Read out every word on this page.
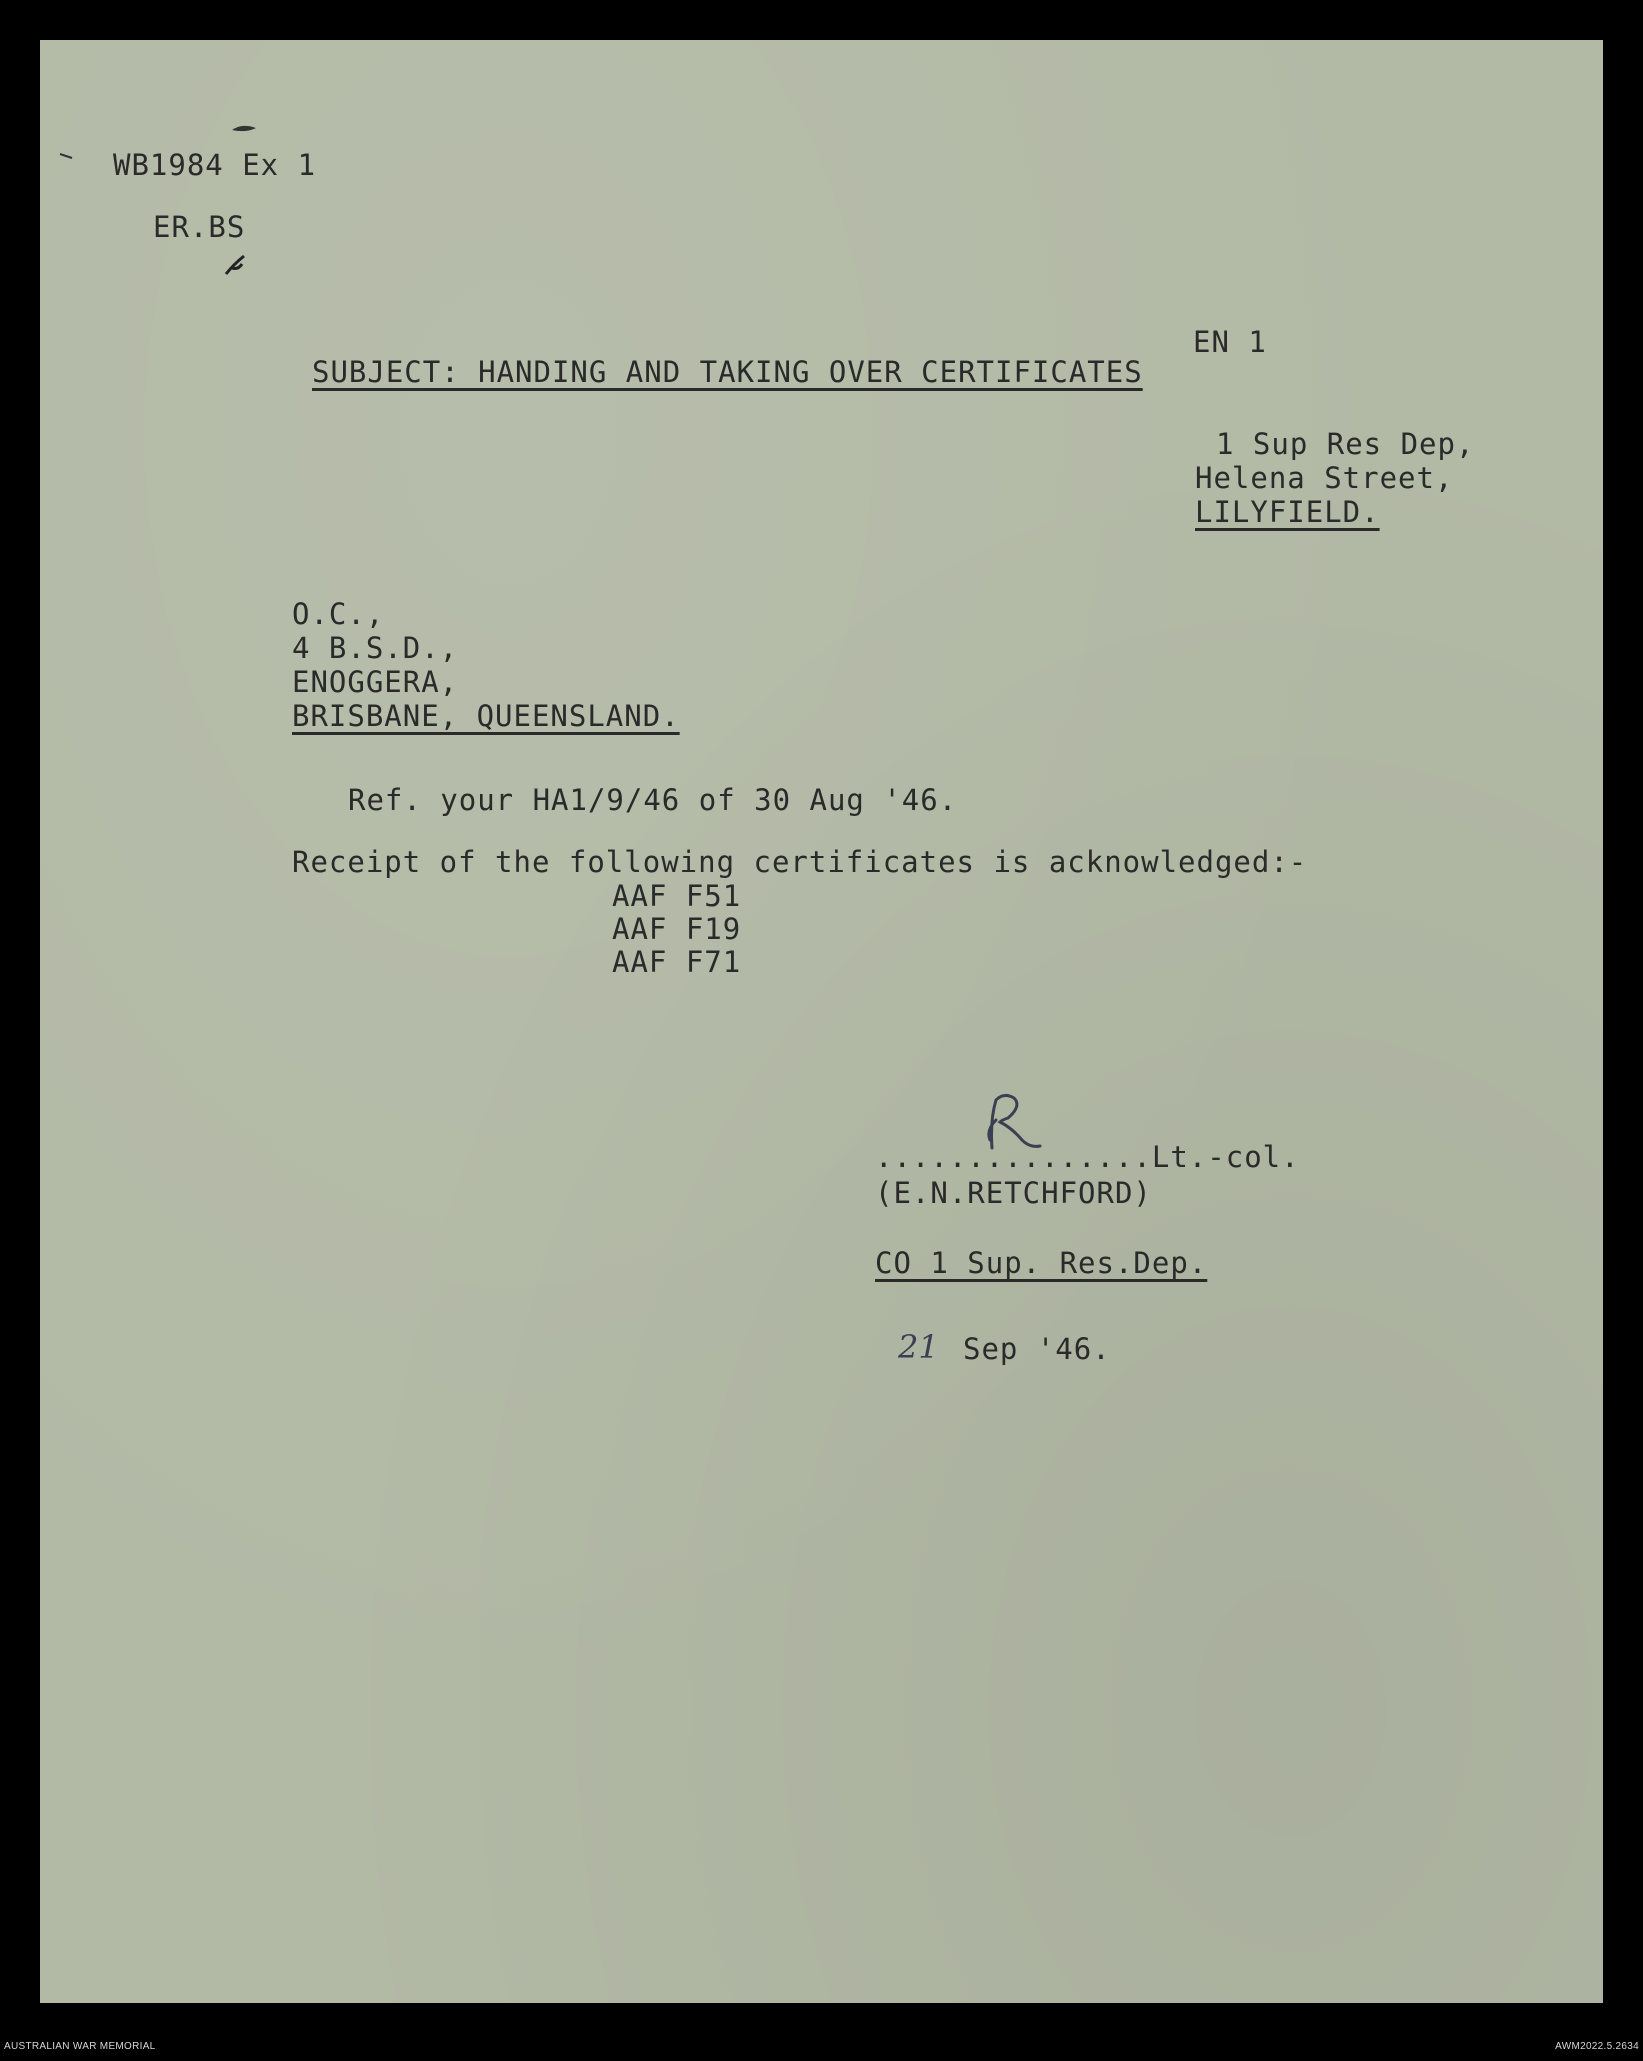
WB1984 Ex 1
ER.BS
EN 1
SUBJECT: HANDING AND TAKING OVER CERTIFICATES
1 Sup Res Dep,
Helena Street,
LILYFIELD.
O.C.,
4 B.S.D.,
ENOGGERA,
BRISBANE, QUEENSLAND.
Ref. your HA1/9/46 of 30 Aug '46.
Receipt of the following certificates is acknowledged:-
AAF F51
AAF F19
AAF F71
...............Lt.-col.
(E.N.RETCHFORD)
CO 1 Sup. Res.Dep.
21 Sep '46.
AUSTRALIAN WAR MEMORIAL	AWM2022.5.2634
